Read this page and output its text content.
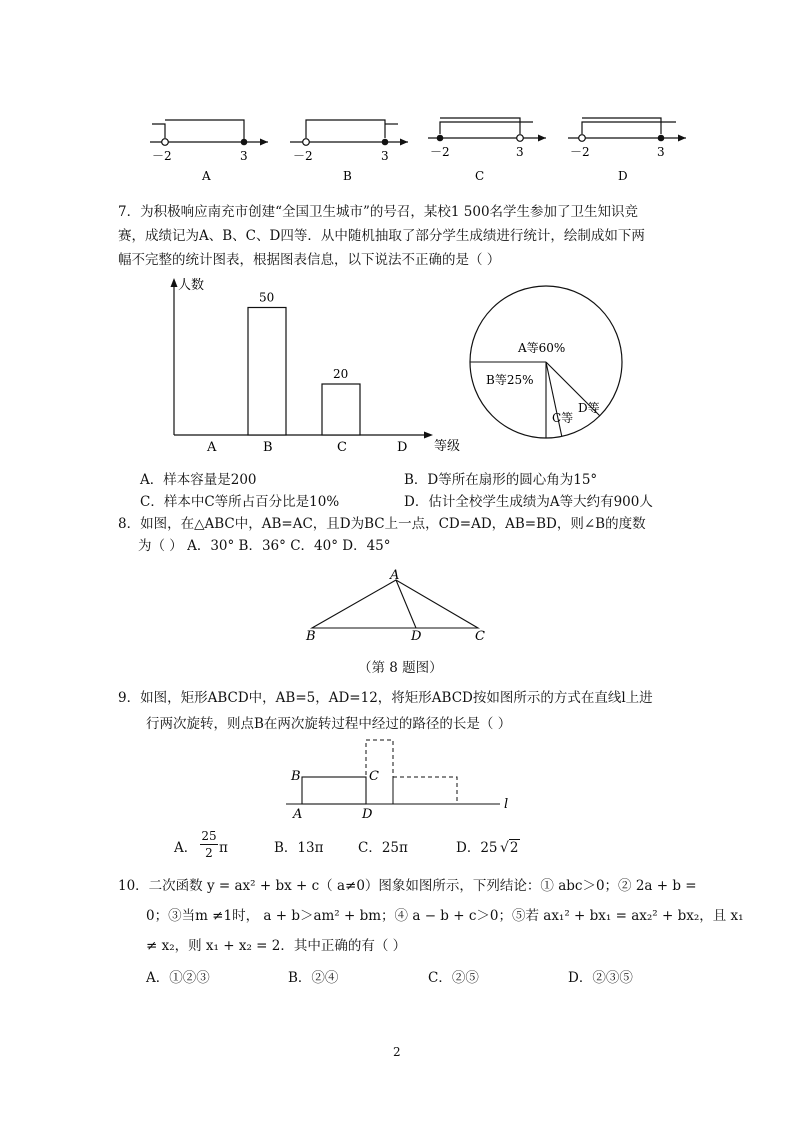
－2	3
A
－2	3
B
－2	3
C
－2	3
D
7．为积极响应南充市创建“全国卫生城市”的号召，某校1 500名学生参加了卫生知识竞
赛，成绩记为A、B、C、D四等．从中随机抽取了部分学生成绩进行统计，绘制成如下两
幅不完整的统计图表，根据图表信息，以下说法不正确的是（ ）
人数
等级
50
20
A	B	C	D
A等60%
B等25%
C等
D等
A．样本容量是200	B．D等所在扇形的圆心角为15°
C．样本中C等所占百分比是10%	D．估计全校学生成绩为A等大约有900人
8．如图，在△ABC中，AB=AC，且D为BC上一点，CD=AD，AB=BD，则∠B的度数
为（ ） A．30° B．36° C．40° D．45°
A
B	D	C
（第 8 题图）
9．如图，矩形ABCD中，AB=5，AD=12，将矩形ABCD按如图所示的方式在直线l上进
行两次旋转，则点B在两次旋转过程中经过的路径的长是（ ）
B	C
A	D
l
A． $\frac{25}{2}$ π	B．13π	C．25π	D．25 √2
10．二次函数 y = ax² + bx + c（ a≠0）图象如图所示，下列结论：① abc＞0；② 2a + b =
0；③当m ≠1时， a + b＞am² + bm；④ a − b + c＞0；⑤若 ax₁² + bx₁ = ax₂² + bx₂，且 x₁
≠ x₂，则 x₁ + x₂ = 2．其中正确的有（ ）
A．①②③	B．②④	C．②⑤	D．②③⑤
2
